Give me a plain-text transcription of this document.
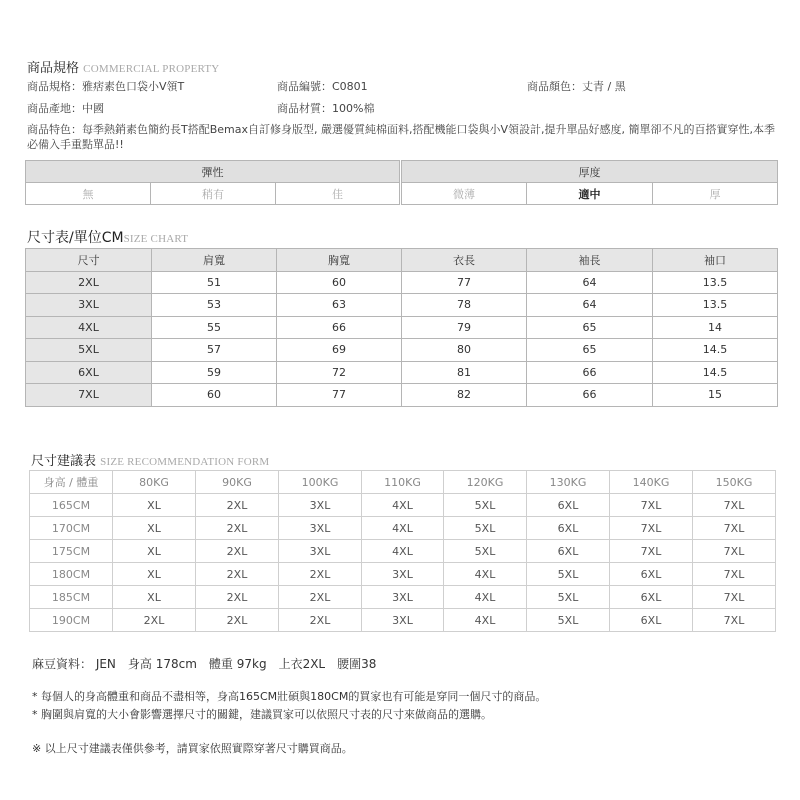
商品規格 COMMERCIAL PROPERTY
商品規格：雅痞素色口袋小V領T	商品編號：C0801	商品顏色：丈青 / 黑
商品產地：中國	商品材質：100%棉
商品特色：每季熱銷素色簡約長T搭配Bemax自訂修身版型, 嚴選優質純棉面料,搭配機能口袋與小V領設計,提升單品好感度, 簡單卻不凡的百搭實穿性,本季必備入手重點單品!!
彈性				厚度		
無	稍有	佳		微薄	適中	厚
尺寸表/單位CMSIZE CHART
尺寸	肩寬	胸寬	衣長	袖長	袖口
2XL	51	60	77	64	13.5
3XL	53	63	78	64	13.5
4XL	55	66	79	65	14
5XL	57	69	80	65	14.5
6XL	59	72	81	66	14.5
7XL	60	77	82	66	15
尺寸建議表 SIZE RECOMMENDATION FORM
身高 / 體重	80KG	90KG	100KG	110KG	120KG	130KG	140KG	150KG
165CM	XL	2XL	3XL	4XL	5XL	6XL	7XL	7XL
170CM	XL	2XL	3XL	4XL	5XL	6XL	7XL	7XL
175CM	XL	2XL	3XL	4XL	5XL	6XL	7XL	7XL
180CM	XL	2XL	2XL	3XL	4XL	5XL	6XL	7XL
185CM	XL	2XL	2XL	3XL	4XL	5XL	6XL	7XL
190CM	2XL	2XL	2XL	3XL	4XL	5XL	6XL	7XL
麻豆資料： JEN　身高 178cm　體重 97kg　上衣2XL　腰圍38
* 每個人的身高體重和商品不盡相等，身高165CM壯碩與180CM的買家也有可能是穿同一個尺寸的商品。
* 胸圍與肩寬的大小會影響選擇尺寸的關鍵，建議買家可以依照尺寸表的尺寸來做商品的選購。
※ 以上尺寸建議表僅供參考，請買家依照實際穿著尺寸購買商品。
